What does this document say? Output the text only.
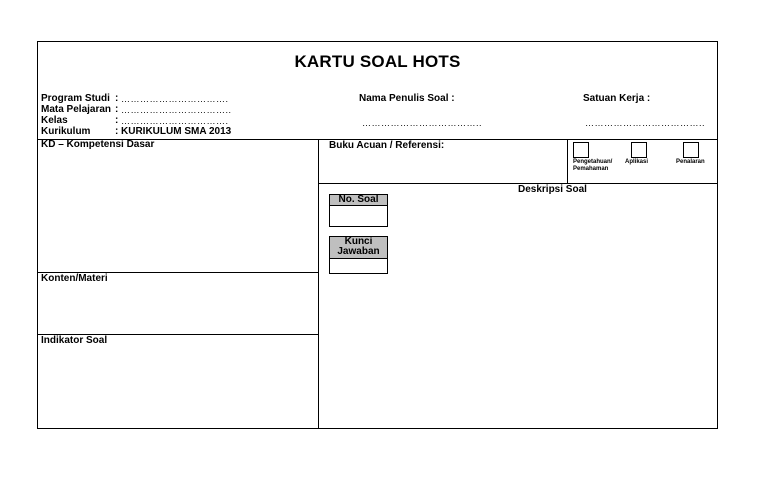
KARTU SOAL HOTS
Program Studi : …………………………….
Mata Pelajaran : ……………………………..
Kelas	: …………………………….
Kurikulum : KURIKULUM SMA 2013
Nama Penulis Soal :
………………………………..
Satuan Kerja :
………………………………..
KD – Kompetensi Dasar
Konten/Materi
Indikator Soal
Buku Acuan / Referensi:
Pengetahuan/
Pemahaman
Aplikasi	Penalaran
Deskripsi Soal
No. Soal
Kunci
Jawaban
